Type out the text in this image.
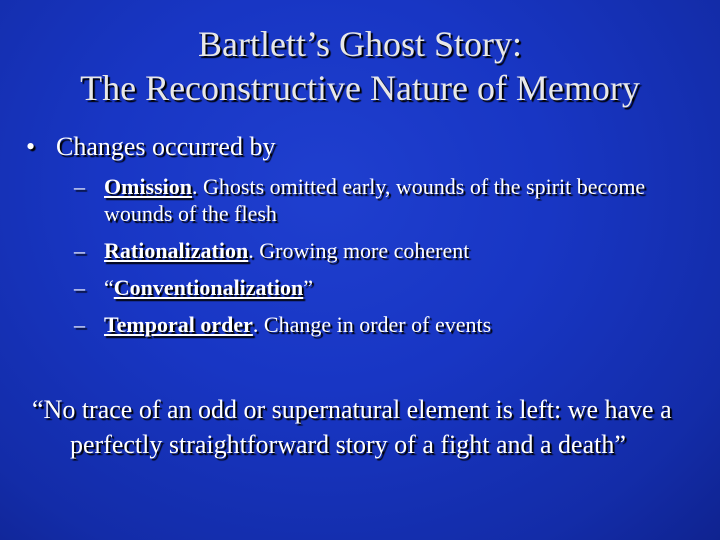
Bartlett’s Ghost Story:
The Reconstructive Nature of Memory
• Changes occurred by
– Omission. Ghosts omitted early, wounds of the spirit become wounds of the flesh
– Rationalization. Growing more coherent
– “Conventionalization”
– Temporal order. Change in order of events
“No trace of an odd or supernatural element is left: we have a perfectly straightforward story of a fight and a death”
